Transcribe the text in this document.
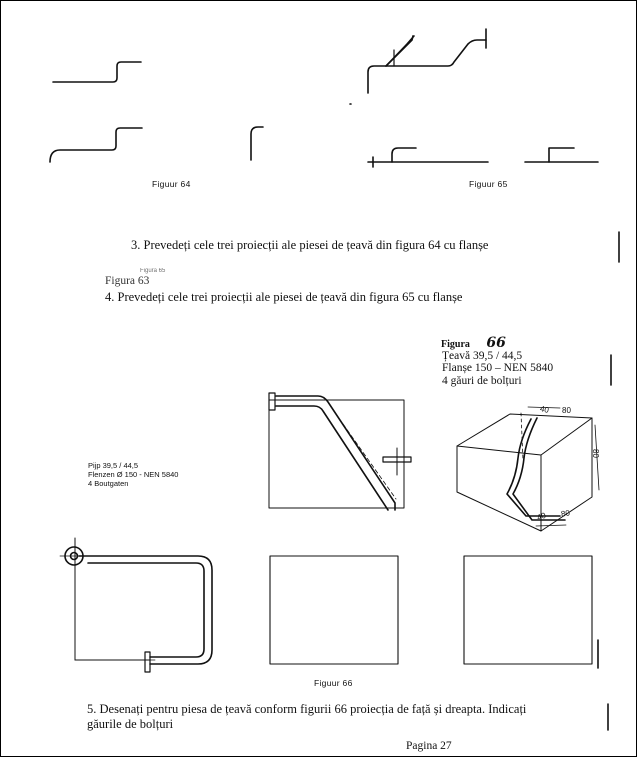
Figuur 64	Figuur 65
3. Prevedeți cele trei proiecții ale piesei de țeavă din figura 64 cu flanșe
Figura 63
Figura 65
4. Prevedeți cele trei proiecții ale piesei de țeavă din figura 65 cu flanșe
Figura 66
Țeavă 39,5 / 44,5
Flanșe 150 – NEN 5840
4 găuri de bolțuri
Pijp 39,5 / 44,5
Flenzen Ø 150 - NEN 5840
4 Boutgaten
40 80
80
40 80
Figuur 66
5. Desenați pentru piesa de țeavă conform figurii 66 proiecția de față și dreapta. Indicați
găurile de bolțuri
Pagina 27
